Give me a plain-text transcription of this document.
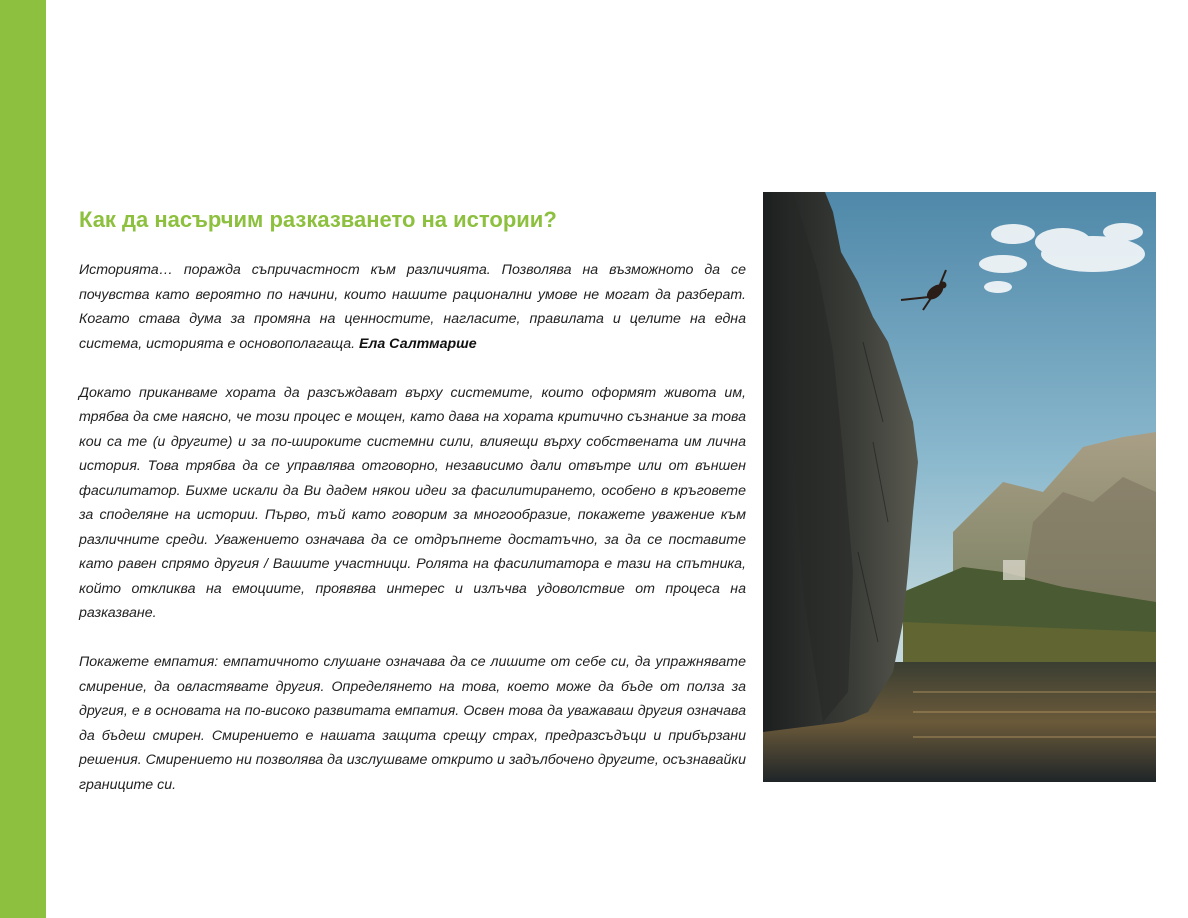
Как да насърчим разказването на истории?

Историята… поражда съпричастност към различията. Позволява на възможното да се почувства като вероятно по начини, които нашите рационални умове не могат да разберат. Когато става дума за промяна на ценностите, нагласите, правилата и целите на една система, историята е основополагаща. Ела Салтмарше

Докато приканваме хората да разсъждават върху системите, които оформят живота им, трябва да сме наясно, че този процес е мощен, като дава на хората критично съзнание за това кои са те (и другите) и за по-широките системни сили, влияещи върху собствената им лична история. Това трябва да се управлява отговорно, независимо дали отвътре или от външен фасилитатор. Бихме искали да Ви дадем някои идеи за фасилитирането, особено в кръговете за споделяне на истории. Първо, тъй като говорим за многообразие, покажете уважение към различните среди. Уважението означава да се отдръпнете достатъчно, за да се поставите като равен спрямо другия / Вашите участници. Ролята на фасилитатора е тази на спътника, който откликва на емоциите, проявява интерес и излъчва удоволствие от процеса на разказване.

Покажете емпатия: емпатичното слушане означава да се лишите от себе си, да упражнявате смирение, да овластявате другия. Определянето на това, което може да бъде от полза за другия, е в основата на по-високо развитата емпатия. Освен това да уважаваш другия означава да бъдеш смирен. Смирението е нашата защита срещу страх, предразсъдъци и прибързани решения. Смирението ни позволява да изслушваме открито и задълбочено другите, осъзнавайки границите си.
